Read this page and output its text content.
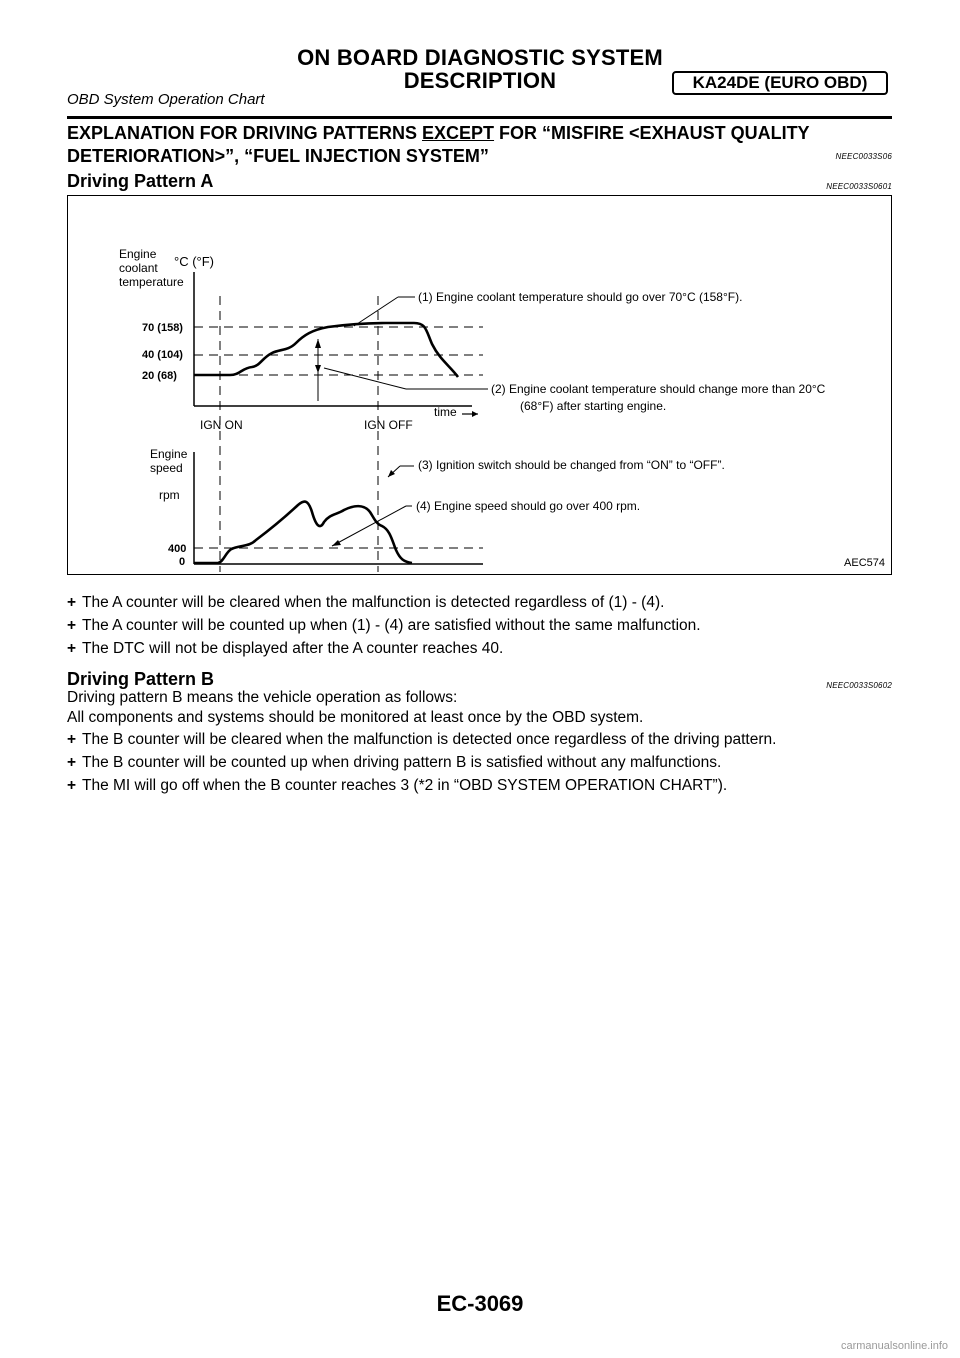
ON BOARD DIAGNOSTIC SYSTEM
DESCRIPTION
OBD System Operation Chart
KA24DE (EURO OBD)
EXPLANATION FOR DRIVING PATTERNS EXCEPT FOR “MISFIRE <EXHAUST QUALITY DETERIORATION>”, “FUEL INJECTION SYSTEM”	NEEC0033S06
Driving Pattern A	NEEC0033S0601
Engine
coolant
temperature
°C (°F)
time
70 (158)
40 (104)
20 (68)
(1) Engine coolant temperature should go over 70°C (158°F).
(2) Engine coolant temperature should change more than 20°C
(68°F) after starting engine.
IGN ON	IGN OFF
Engine
speed
rpm
400
0
(3) Ignition switch should be changed from “ON” to “OFF”.
(4) Engine speed should go over 400 rpm.
AEC574
+ The A counter will be cleared when the malfunction is detected regardless of (1) - (4).
+ The A counter will be counted up when (1) - (4) are satisfied without the same malfunction.
+ The DTC will not be displayed after the A counter reaches 40.
Driving Pattern B	NEEC0033S0602
Driving pattern B means the vehicle operation as follows:
All components and systems should be monitored at least once by the OBD system.
+ The B counter will be cleared when the malfunction is detected once regardless of the driving pattern.
+ The B counter will be counted up when driving pattern B is satisfied without any malfunctions.
+ The MI will go off when the B counter reaches 3 (*2 in “OBD SYSTEM OPERATION CHART”).
EC-3069
carmanualsonline.info
